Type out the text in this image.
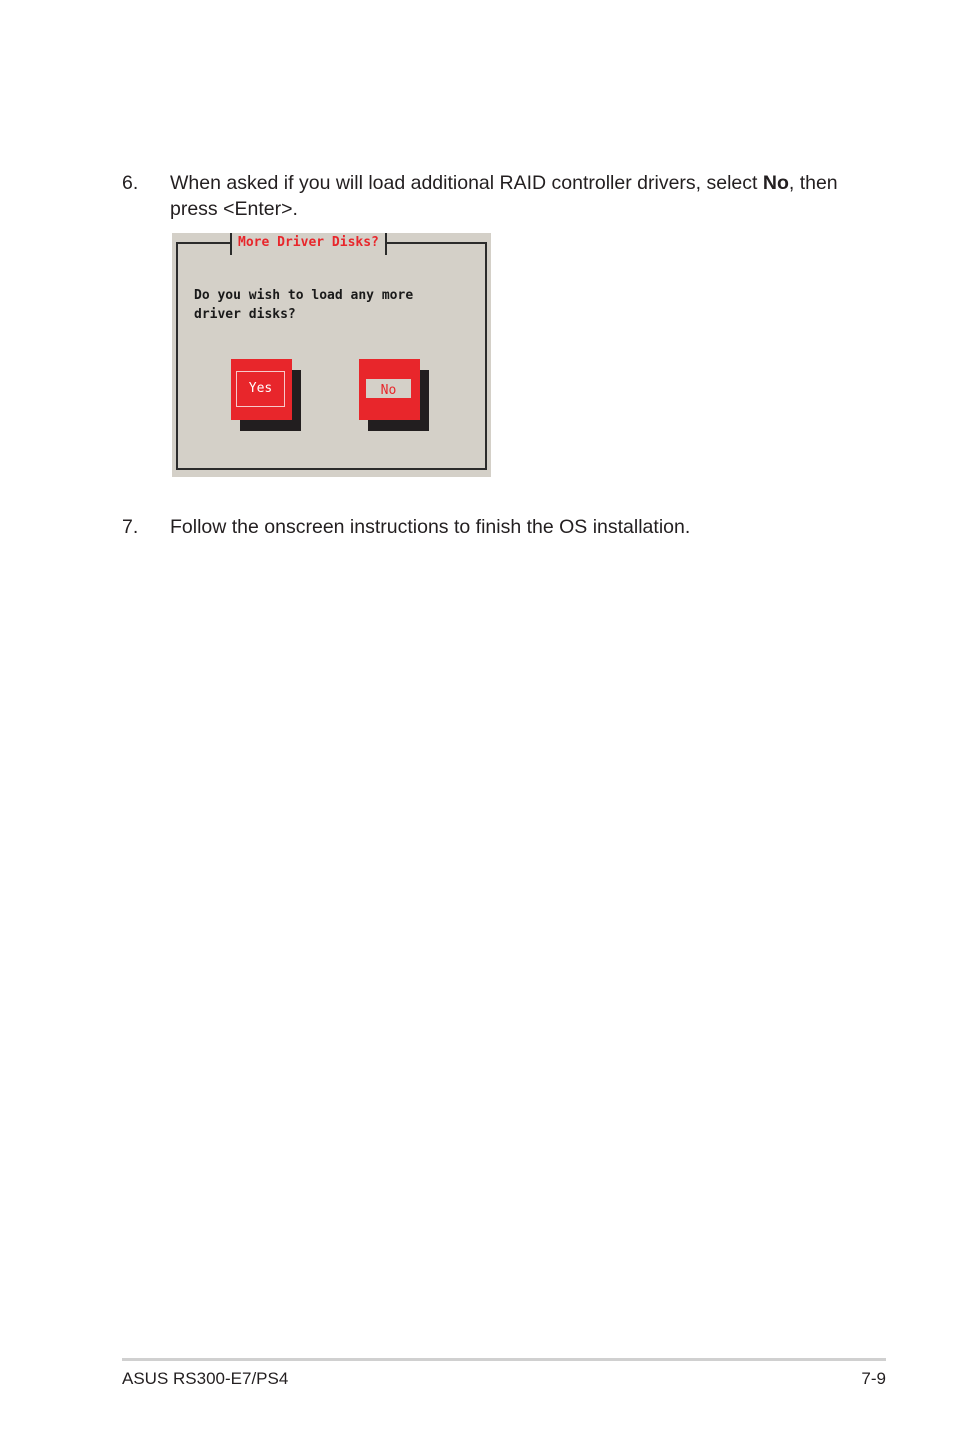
6. When asked if you will load additional RAID controller drivers, select No, then press <Enter>.
More Driver Disks?
Do you wish to load any more
driver disks?
Yes	No
7. Follow the onscreen instructions to finish the OS installation.
ASUS RS300-E7/PS4	7-9
